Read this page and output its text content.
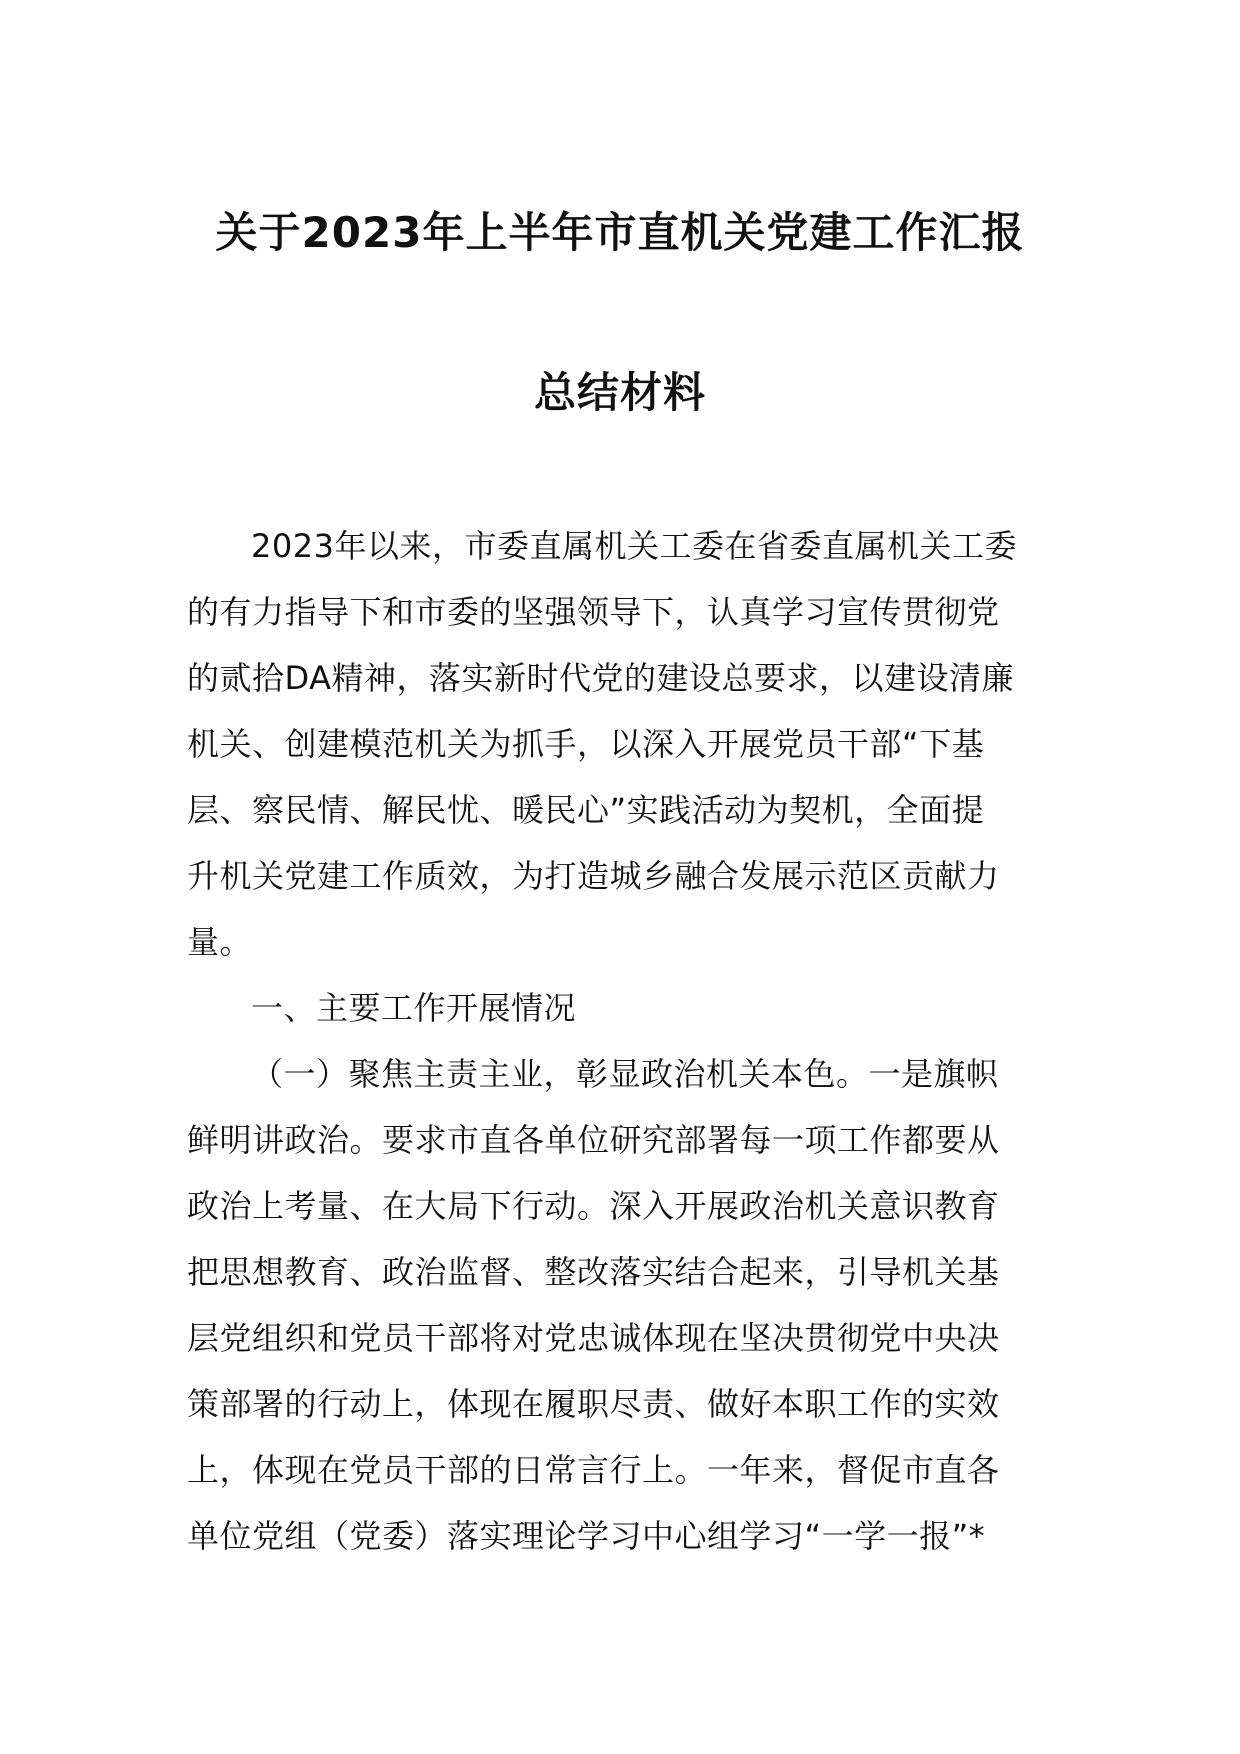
关于2023年上半年市直机关党建工作汇报
总结材料
2023年以来，市委直属机关工委在省委直属机关工委
的有力指导下和市委的坚强领导下，认真学习宣传贯彻党
的贰拾DA精神，落实新时代党的建设总要求，以建设清廉
机关、创建模范机关为抓手，以深入开展党员干部“下基
层、察民情、解民忧、暖民心”实践活动为契机，全面提
升机关党建工作质效，为打造城乡融合发展示范区贡献力
量。
一、主要工作开展情况
（一）聚焦主责主业，彰显政治机关本色。一是旗帜
鲜明讲政治。要求市直各单位研究部署每一项工作都要从
政治上考量、在大局下行动。深入开展政治机关意识教育
把思想教育、政治监督、整改落实结合起来，引导机关基
层党组织和党员干部将对党忠诚体现在坚决贯彻党中央决
策部署的行动上，体现在履职尽责、做好本职工作的实效
上，体现在党员干部的日常言行上。一年来，督促市直各
单位党组（党委）落实理论学习中心组学习“一学一报”*
